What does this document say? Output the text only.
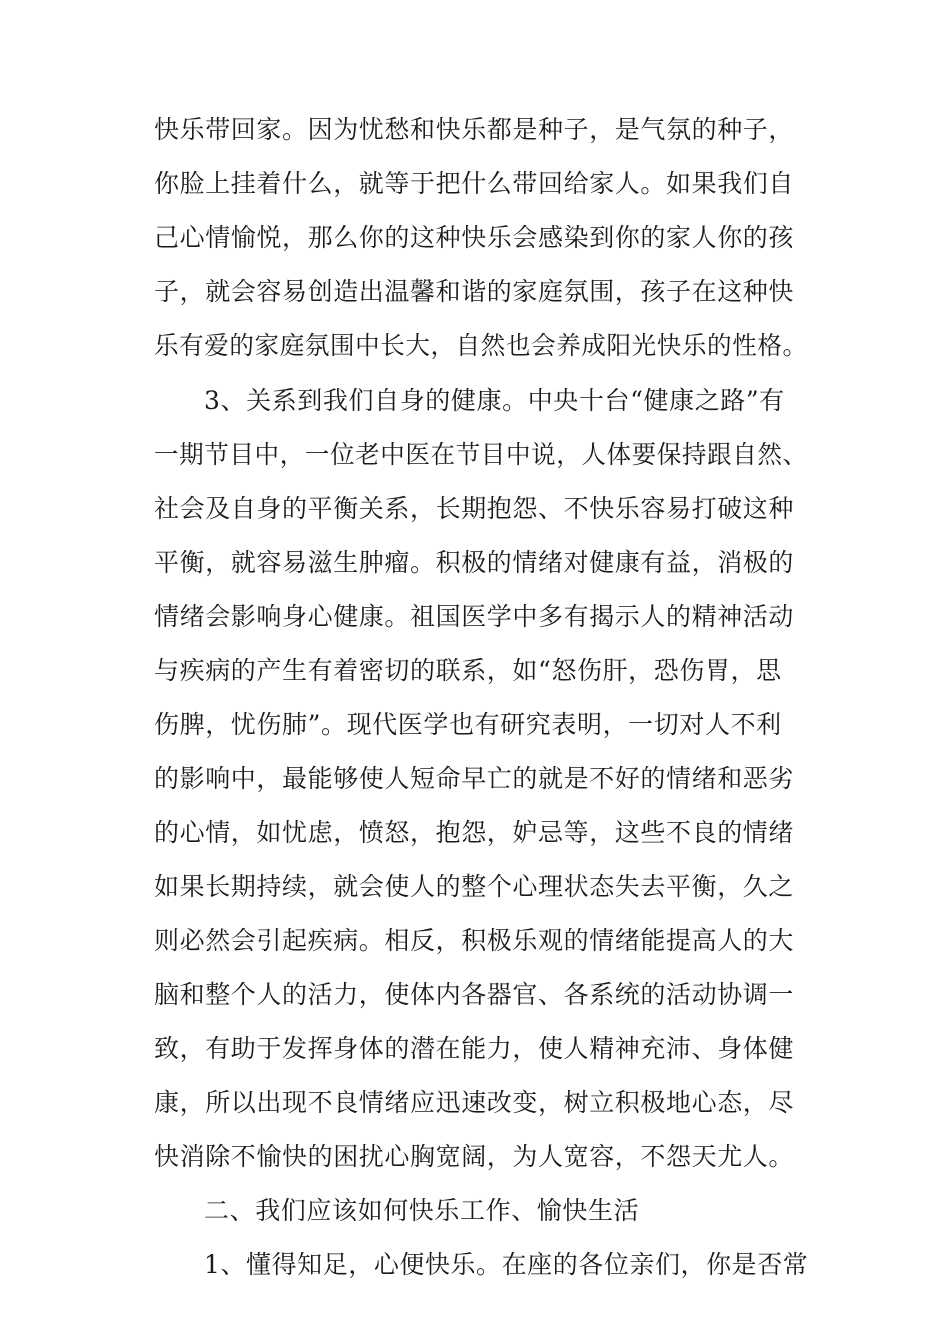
快乐带回家。因为忧愁和快乐都是种子，是气氛的种子，
你脸上挂着什么，就等于把什么带回给家人。如果我们自
己心情愉悦，那么你的这种快乐会感染到你的家人你的孩
子，就会容易创造出温馨和谐的家庭氛围，孩子在这种快
乐有爱的家庭氛围中长大，自然也会养成阳光快乐的性格。
3、关系到我们自身的健康。中央十台“健康之路”有
一期节目中，一位老中医在节目中说，人体要保持跟自然、
社会及自身的平衡关系，长期抱怨、不快乐容易打破这种
平衡，就容易滋生肿瘤。积极的情绪对健康有益，消极的
情绪会影响身心健康。祖国医学中多有揭示人的精神活动
与疾病的产生有着密切的联系，如“怒伤肝，恐伤胃，思
伤脾，忧伤肺”。现代医学也有研究表明，一切对人不利
的影响中，最能够使人短命早亡的就是不好的情绪和恶劣
的心情，如忧虑，愤怒，抱怨，妒忌等，这些不良的情绪
如果长期持续，就会使人的整个心理状态失去平衡，久之
则必然会引起疾病。相反，积极乐观的情绪能提高人的大
脑和整个人的活力，使体内各器官、各系统的活动协调一
致，有助于发挥身体的潜在能力，使人精神充沛、身体健
康，所以出现不良情绪应迅速改变，树立积极地心态，尽
快消除不愉快的困扰心胸宽阔，为人宽容，不怨天尤人。
二、我们应该如何快乐工作、愉快生活
1、懂得知足，心便快乐。在座的各位亲们，你是否常
